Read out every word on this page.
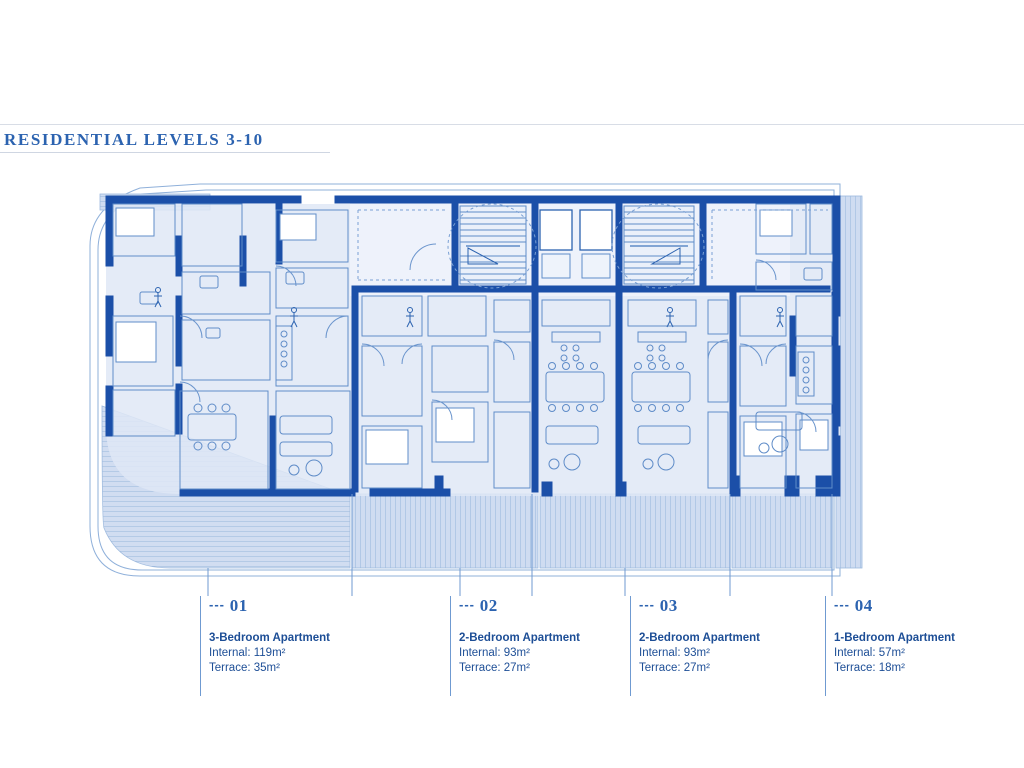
RESIDENTIAL LEVELS 3-10
--- 01
3-Bedroom Apartment
Internal: 119m²
Terrace: 35m²
--- 02
2-Bedroom Apartment
Internal: 93m²
Terrace: 27m²
--- 03
2-Bedroom Apartment
Internal: 93m²
Terrace: 27m²
--- 04
1-Bedroom Apartment
Internal: 57m²
Terrace: 18m²
